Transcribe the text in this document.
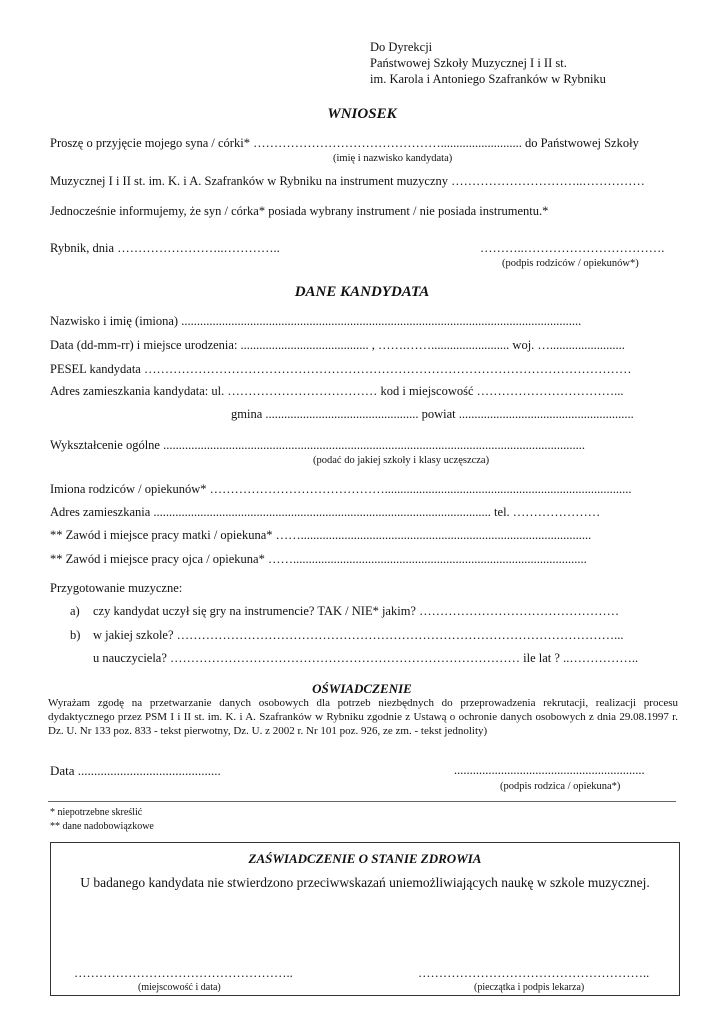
Do Dyrekcji
Państwowej Szkoły Muzycznej I i II st.
im. Karola i Antoniego Szafranków w Rybniku
WNIOSEK
Proszę o przyjęcie mojego syna / córki* ……………………………………….......................... do Państwowej Szkoły
(imię i nazwisko kandydata)
Muzycznej I i II st. im. K. i A. Szafranków w Rybniku na instrument muzyczny …………………………..……………
Jednocześnie informujemy, że syn / córka* posiada wybrany instrument / nie posiada instrumentu.*
Rybnik, dnia ……………………..…………..	………..…………………………….
(podpis rodziców / opiekunów*)
DANE KANDYDATA
Nazwisko i imię (imiona) ................................................................................................................................
Data (dd-mm-rr) i miejsce urodzenia: ......................................... , …….……......................... woj. …........................
PESEL kandydata ………………………………………………………………………………………………………
Adres zamieszkania kandydata: ul. ……………………………… kod i miejscowość ……………………………...
gmina ................................................. powiat ........................................................
Wykształcenie ogólne .......................................................................................................................................
(podać do jakiej szkoły i klasy uczęszcza)
Imiona rodziców / opiekunów* ……………………………………...............................................................................
Adres zamieszkania ............................................................................................................ tel. …………………
** Zawód i miejsce pracy matki / opiekuna* …….............................................................................................
** Zawód i miejsce pracy ojca / opiekuna* ……..............................................................................................
Przygotowanie muzyczne:
a) czy kandydat uczył się gry na instrumencie? TAK / NIE* jakim? …………………………………………
b) w jakiej szkole? ……………………………………………………………………………………………...
u nauczyciela? ………………………………………………………………………… ile lat ? ..……………..
OŚWIADCZENIE
Wyrażam zgodę na przetwarzanie danych osobowych dla potrzeb niezbędnych do przeprowadzenia rekrutacji, realizacji procesu dydaktycznego przez PSM I i II st. im. K. i A. Szafranków w Rybniku zgodnie z Ustawą o ochronie danych osobowych z dnia 29.08.1997 r. Dz. U. Nr 133 poz. 833 - tekst pierwotny, Dz. U. z 2002 r. Nr 101 poz. 926, ze zm. - tekst jednolity)
Data ............................................	.............................................................
(podpis rodzica / opiekuna*)
* niepotrzebne skreślić
** dane nadobowiązkowe
ZAŚWIADCZENIE O STANIE ZDROWIA
U badanego kandydata nie stwierdzono przeciwwskazań uniemożliwiających naukę w szkole muzycznej.
……………………………………………..
(miejscowość i data)
………………………………………………..
(pieczątka i podpis lekarza)
